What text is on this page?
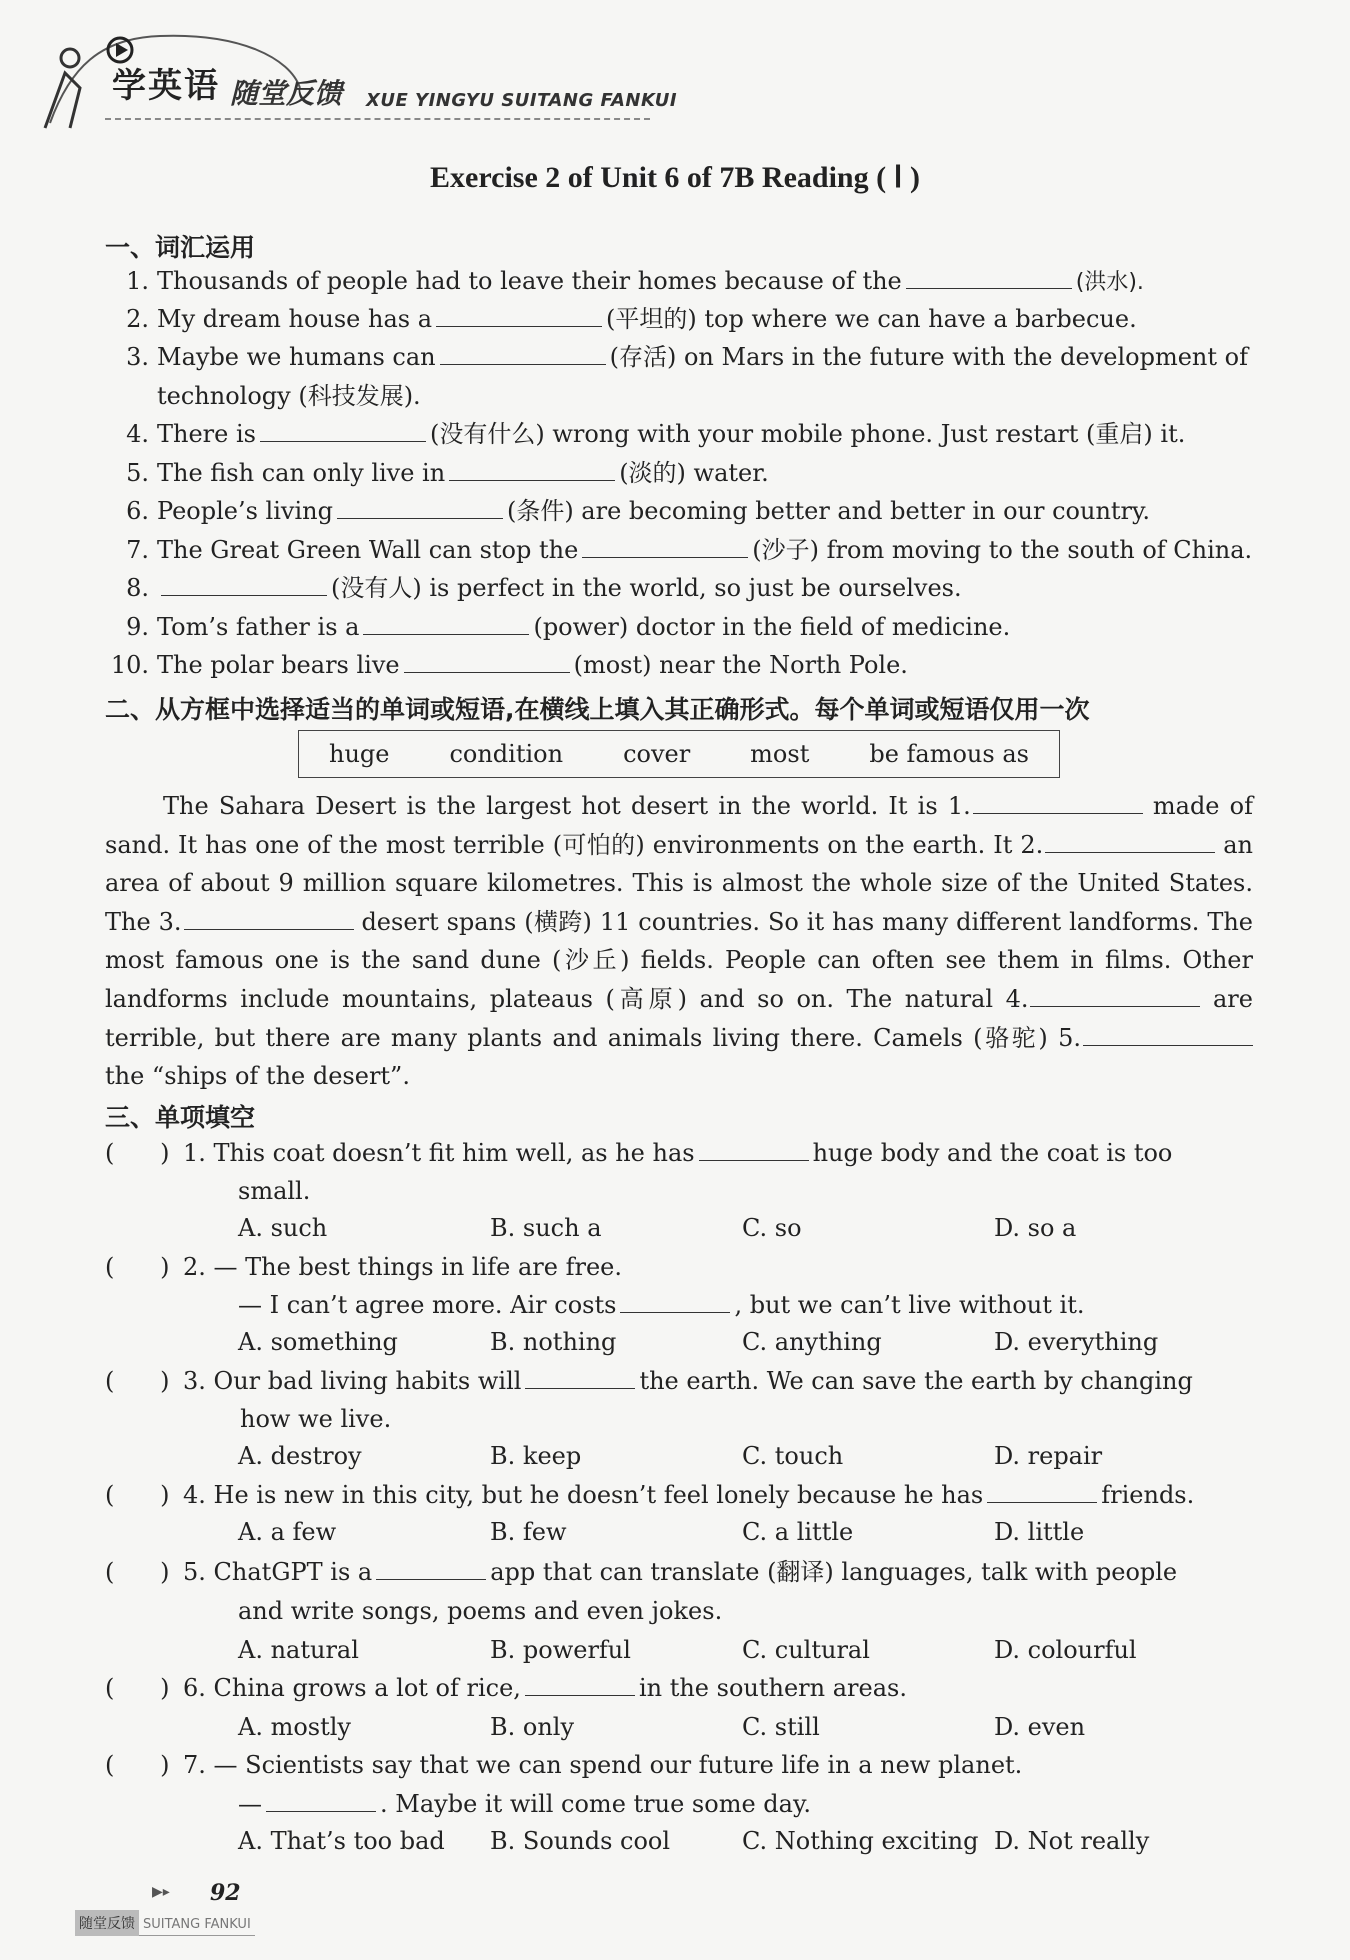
学英语 随堂反馈 XUE YINGYU SUITANG FANKUI
Exercise 2 of Unit 6 of 7B Reading ( Ⅰ )
一、词汇运用
1. Thousands of people had to leave their homes because of the	(洪水).
2. My dream house has a	(平坦的) top where we can have a barbecue.
3. Maybe we humans can	(存活) on Mars in the future with the development of
technology (科技发展).
4. There is	(没有什么) wrong with your mobile phone. Just restart (重启) it.
5. The fish can only live in	(淡的) water.
6. People’s living	(条件) are becoming better and better in our country.
7. The Great Green Wall can stop the	(沙子) from moving to the south of China.
8.	(没有人) is perfect in the world, so just be ourselves.
9. Tom’s father is a	(power) doctor in the field of medicine.
10. The polar bears live	(most) near the North Pole.
二、从方框中选择适当的单词或短语,在横线上填入其正确形式。每个单词或短语仅用一次
huge condition cover most be famous as
The Sahara Desert is the largest hot desert in the world. It is 1.	made of sand. It has one of the most terrible (可怕的) environments on the earth. It 2.	an area of about 9 million square kilometres. This is almost the whole size of the United States. The 3.	desert spans (横跨) 11 countries. So it has many different landforms. The most famous one is the sand dune (沙丘) fields. People can often see them in films. Other landforms include mountains, plateaus (高原) and so on. The natural 4.	are terrible, but there are many plants and animals living there. Camels (骆驼) 5. the “ships of the desert”.
三、单项填空
(      ) 1. This coat doesn’t fit him well, as he has	huge body and the coat is too
small.
A. such	B. such a	C. so	D. so a
(      ) 2. — The best things in life are free.
— I can’t agree more. Air costs	, but we can’t live without it.
A. something	B. nothing	C. anything	D. everything
(      ) 3. Our bad living habits will	the earth. We can save the earth by changing
how we live.
A. destroy	B. keep	C. touch	D. repair
(      ) 4. He is new in this city, but he doesn’t feel lonely because he has	friends.
A. a few	B. few	C. a little	D. little
(      ) 5. ChatGPT is a	app that can translate (翻译) languages, talk with people
and write songs, poems and even jokes.
A. natural	B. powerful	C. cultural	D. colourful
(      ) 6. China grows a lot of rice,	in the southern areas.
A. mostly	B. only	C. still	D. even
(      ) 7. — Scientists say that we can spend our future life in a new planet.
—	. Maybe it will come true some day.
A. That’s too bad	B. Sounds cool	C. Nothing exciting D. Not really
▶▸ 92
随堂反馈 SUITANG FANKUI
